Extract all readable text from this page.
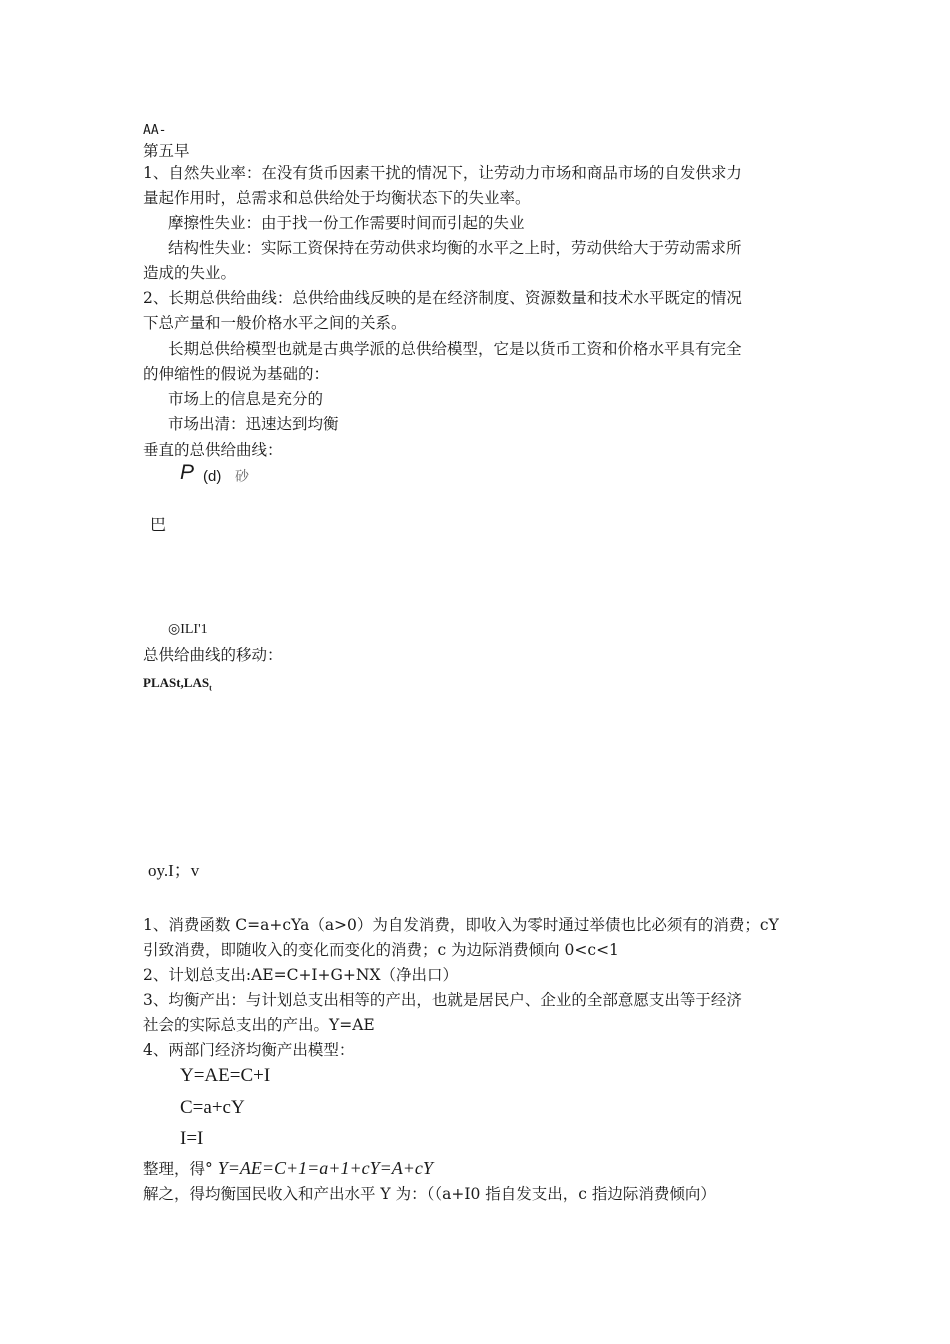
AA-
第五早
1、自然失业率：在没有货币因素干扰的情况下，让劳动力市场和商品市场的自发供求力
量起作用时，总需求和总供给处于均衡状态下的失业率。
摩擦性失业：由于找一份工作需要时间而引起的失业
结构性失业：实际工资保持在劳动供求均衡的水平之上时，劳动供给大于劳动需求所
造成的失业。
2、长期总供给曲线：总供给曲线反映的是在经济制度、资源数量和技术水平既定的情况
下总产量和一般价格水平之间的关系。
长期总供给模型也就是古典学派的总供给模型，它是以货币工资和价格水平具有完全
的伸缩性的假说为基础的：
市场上的信息是充分的
市场出清：迅速达到均衡
垂直的总供给曲线：
P (d) 砂
巴
◎ILI'1
总供给曲线的移动：
$PLASt,LAS_t$
oy.I；v
1、消费函数 C=a+cYa（a>0）为自发消费，即收入为零时通过举债也比必须有的消费；cY
引致消费，即随收入的变化而变化的消费；c 为边际消费倾向 0<c<1
2、计划总支出:AE=C+I+G+NX（净出口）
3、均衡产出：与计划总支出相等的产出，也就是居民户、企业的全部意愿支出等于经济
社会的实际总支出的产出。Y=AE
4、两部门经济均衡产出模型：
Y=AE=C+I
C=a+cY
I=I
整理，得° Y=AE=C+1=a+1+cY=A+cY
解之，得均衡国民收入和产出水平 Y 为：（（a+I0 指自发支出，c 指边际消费倾向）
